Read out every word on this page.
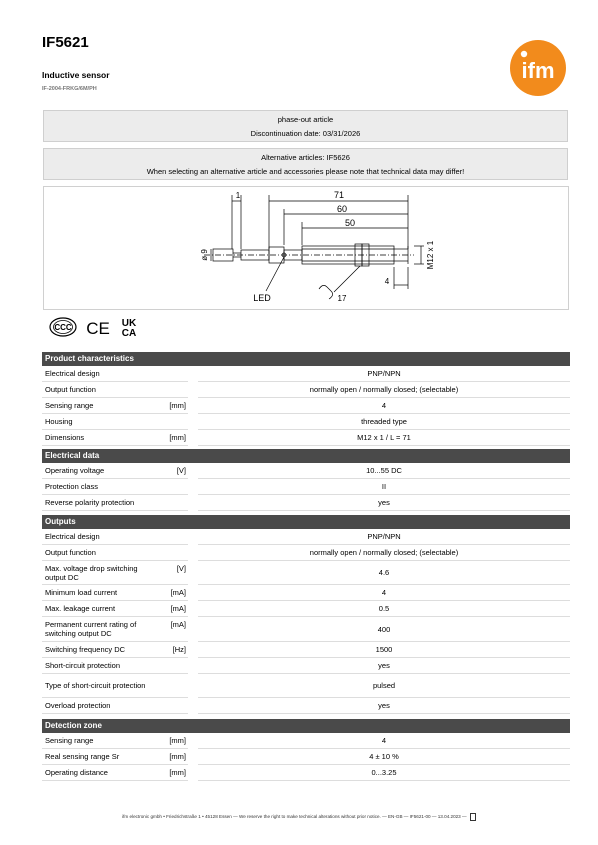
IF5621
Inductive sensor
IF-2004-FRKG/6M/PH
ifm
phase-out article
Discontinuation date: 03/31/2026
Alternative articles: IF5626
When selecting an alternative article and accessories please note that technical data may differ!
1	71
60
50
ø 9	M12 x 1
4
17
LED
CCC CE UK
CA
Product characteristics
Electrical design	PNP/NPN
Output function	normally open / normally closed; (selectable)
Sensing range	[mm]	4
Housing	threaded type
Dimensions	[mm]	M12 x 1 / L = 71
Electrical data
Operating voltage	[V]	10...55 DC
Protection class	II
Reverse polarity protection	yes
Outputs
Electrical design	PNP/NPN
Output function	normally open / normally closed; (selectable)
Max. voltage drop switching output DC
[V]	4.6
Minimum load current	[mA]	4
Max. leakage current	[mA]	0.5
Permanent current rating of switching output DC
[mA]	400
Switching frequency DC	[Hz]	1500
Short-circuit protection	yes
Type of short-circuit protection	pulsed
Overload protection	yes
Detection zone
Sensing range	[mm]	4
Real sensing range Sr	[mm]	4 ± 10 %
Operating distance	[mm]	0...3.25
ifm electronic gmbh • Friedrichstraße 1 • 45128 Essen — We reserve the right to make technical alterations without prior notice. — EN-GB — IF5621-00 — 13.04.2023 —
